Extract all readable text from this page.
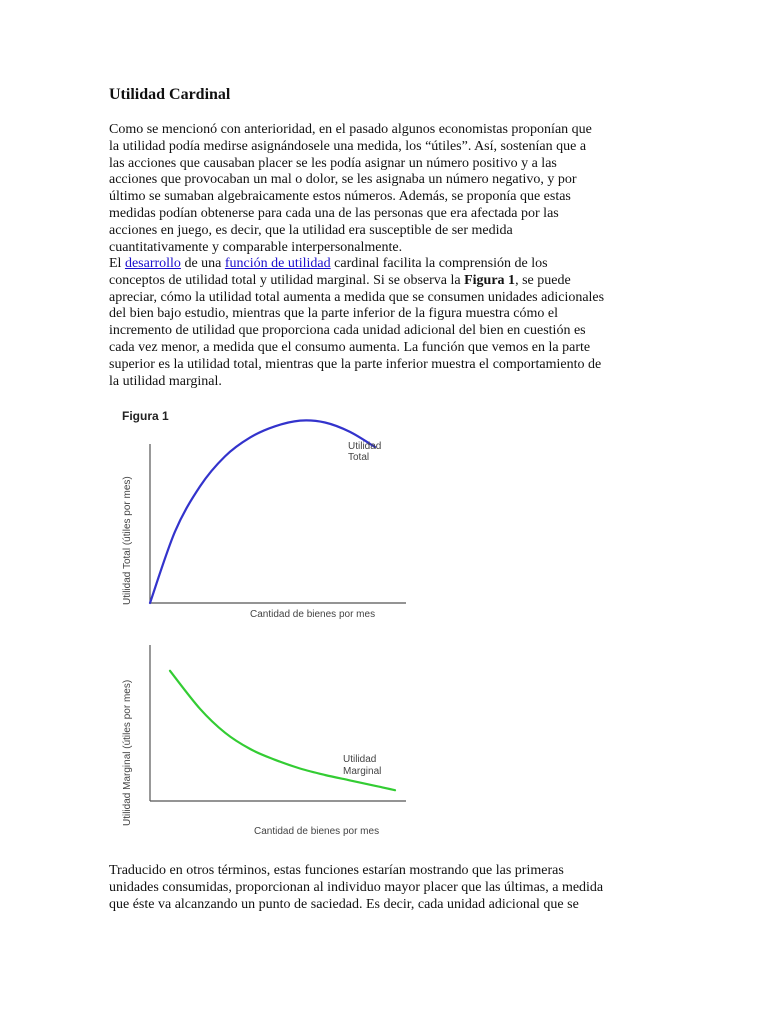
Utilidad Cardinal

Como se mencionó con anterioridad, en el pasado algunos economistas proponían que
la utilidad podía medirse asignándosele una medida, los “útiles”. Así, sostenían que a
las acciones que causaban placer se les podía asignar un número positivo y a las
acciones que provocaban un mal o dolor, se les asignaba un número negativo, y por
último se sumaban algebraicamente estos números. Además, se proponía que estas
medidas podían obtenerse para cada una de las personas que era afectada por las
acciones en juego, es decir, que la utilidad era susceptible de ser medida
cuantitativamente y comparable interpersonalmente.

El desarrollo de una función de utilidad cardinal facilita la comprensión de los
conceptos de utilidad total y utilidad marginal. Si se observa la Figura 1, se puede
apreciar, cómo la utilidad total aumenta a medida que se consumen unidades adicionales
del bien bajo estudio, mientras que la parte inferior de la figura muestra cómo el
incremento de utilidad que proporciona cada unidad adicional del bien en cuestión es
cada vez menor, a medida que el consumo aumenta. La función que vemos en la parte
superior es la utilidad total, mientras que la parte inferior muestra el comportamiento de
la utilidad marginal.

Figura 1
Utilidad
Total
Cantidad de bienes por mes
Utilidad Total (útiles por mes)
Utilidad
Marginal
Cantidad de bienes por mes
Utilidad Marginal (útiles por mes)

Traducido en otros términos, estas funciones estarían mostrando que las primeras
unidades consumidas, proporcionan al individuo mayor placer que las últimas, a medida
que éste va alcanzando un punto de saciedad. Es decir, cada unidad adicional que se
